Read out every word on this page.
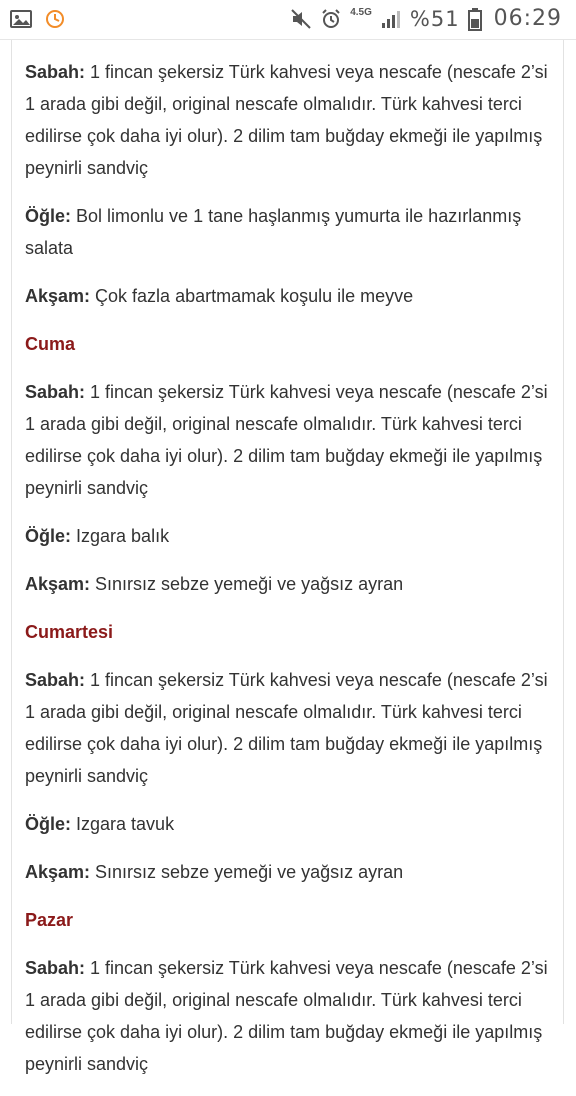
4.5G %51 06:29

Sabah: 1 fincan şekersiz Türk kahvesi veya nescafe (nescafe 2’si 1 arada gibi değil, original nescafe olmalıdır. Türk kahvesi terci edilirse çok daha iyi olur). 2 dilim tam buğday ekmeği ile yapılmış peynirli sandviç

Öğle: Bol limonlu ve 1 tane haşlanmış yumurta ile hazırlanmış salata

Akşam: Çok fazla abartmamak koşulu ile meyve

Cuma

Sabah: 1 fincan şekersiz Türk kahvesi veya nescafe (nescafe 2’si 1 arada gibi değil, original nescafe olmalıdır. Türk kahvesi terci edilirse çok daha iyi olur). 2 dilim tam buğday ekmeği ile yapılmış peynirli sandviç

Öğle: Izgara balık

Akşam: Sınırsız sebze yemeği ve yağsız ayran

Cumartesi

Sabah: 1 fincan şekersiz Türk kahvesi veya nescafe (nescafe 2’si 1 arada gibi değil, original nescafe olmalıdır. Türk kahvesi terci edilirse çok daha iyi olur). 2 dilim tam buğday ekmeği ile yapılmış peynirli sandviç

Öğle: Izgara tavuk

Akşam: Sınırsız sebze yemeği ve yağsız ayran

Pazar

Sabah: 1 fincan şekersiz Türk kahvesi veya nescafe (nescafe 2’si 1 arada gibi değil, original nescafe olmalıdır. Türk kahvesi terci edilirse çok daha iyi olur). 2 dilim tam buğday ekmeği ile yapılmış peynirli sandviç
